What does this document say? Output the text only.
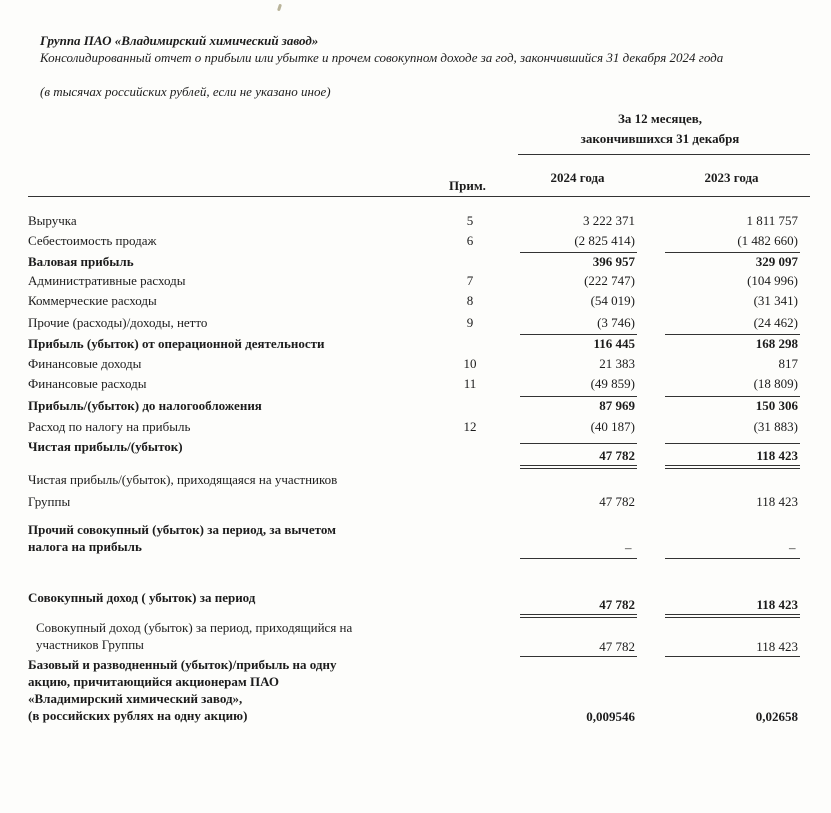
Группа ПАО «Владимирский химический завод»
Консолидированный отчет о прибыли или убытке и прочем совокупном доходе за год, закончившийся 31 декабря 2024 года
(в тысячах российских рублей, если не указано иное)
За 12 месяцев,
закончившихся 31 декабря
Прим.
2024 года	2023 года
Выручка	5	3 222 371	1 811 757
Себестоимость продаж	6	(2 825 414)	(1 482 660)
Валовая прибыль	396 957	329 097
Административные расходы	7	(222 747)	(104 996)
Коммерческие расходы	8	(54 019)	(31 341)
Прочие (расходы)/доходы, нетто	9	(3 746)	(24 462)
Прибыль (убыток) от операционной деятельности	116 445	168 298
Финансовые доходы	10	21 383	817
Финансовые расходы	11	(49 859)	(18 809)
Прибыль/(убыток) до налогообложения	87 969	150 306
Расход по налогу на прибыль	12	(40 187)	(31 883)
Чистая прибыль/(убыток)
47 782	118 423
Чистая прибыль/(убыток), приходящаяся на участников
Группы	47 782	118 423
Прочий совокупный (убыток) за период, за вычетом
налога на прибыль	–	–
Совокупный доход ( убыток) за период	47 782	118 423
Совокупный доход (убыток) за период, приходящийся на
участников Группы	47 782	118 423
Базовый и разводненный (убыток)/прибыль на одну
акцию, причитающийся акционерам ПАО
«Владимирский химический завод»,
(в российских рублях на одну акцию)	0,009546	0,02658
